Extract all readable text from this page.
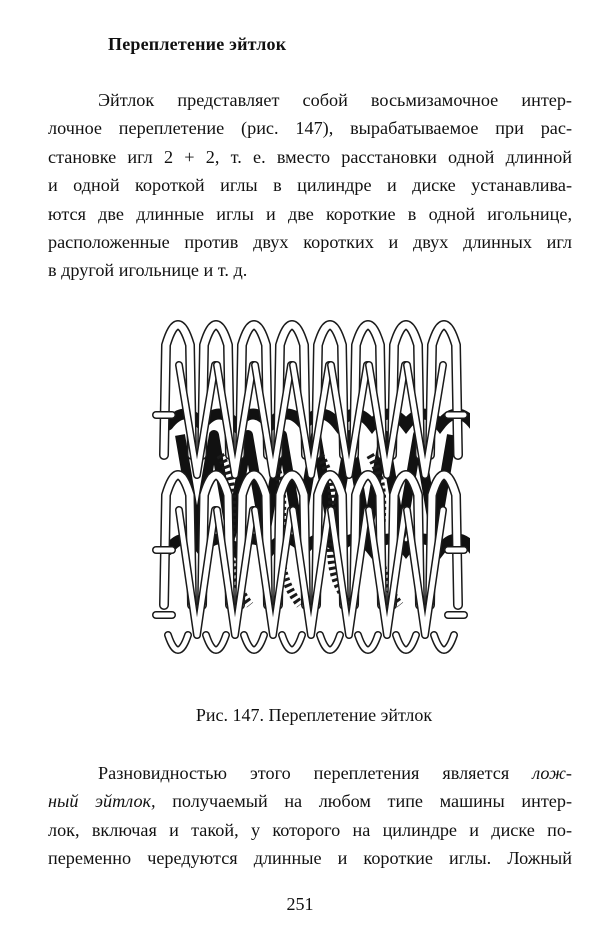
Переплетение эйтлок
Эйтлок представляет собой восьмизамочное интер-
лочное переплетение (рис. 147), вырабатываемое при рас-
становке игл 2 + 2, т. е. вместо расстановки одной длинной
и одной короткой иглы в цилиндре и диске устанавлива-
ются две длинные иглы и две короткие в одной игольнице,
расположенные против двух коротких и двух длинных игл
в другой игольнице и т. д.
Рис. 147. Переплетение эйтлок
Разновидностью этого переплетения является лож-
ный эйтлок, получаемый на любом типе машины интер-
лок, включая и такой, у которого на цилиндре и диске по-
переменно чередуются длинные и короткие иглы. Ложный
251
